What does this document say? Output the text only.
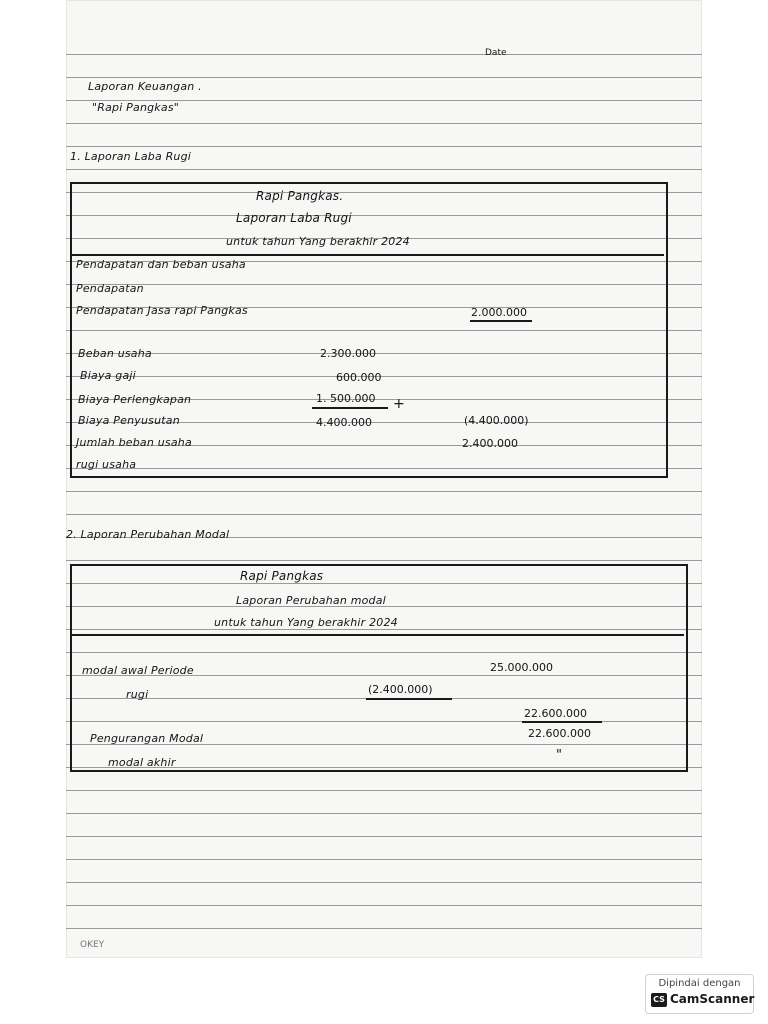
Date
Laporan Keuangan .
"Rapi Pangkas"
1. Laporan Laba Rugi
Rapi Pangkas.
Laporan Laba Rugi
untuk tahun Yang berakhir 2024
Pendapatan dan beban usaha
Pendapatan
Pendapatan Jasa rapi Pangkas	2.000.000
Beban usaha	2.300.000
Biaya gaji	600.000
Biaya Perlengkapan	1. 500.000 +
Biaya Penyusutan	4.400.000	(4.400.000)
Jumlah beban usaha	2.400.000
rugi usaha
2. Laporan Perubahan Modal
Rapi Pangkas
Laporan Perubahan modal
untuk tahun Yang berakhir 2024
modal awal Periode	25.000.000
rugi	(2.400.000)
22.600.000
Pengurangan Modal	22.600.000
modal akhir	"
OKEY
Dipindai dengan
CS CamScanner
